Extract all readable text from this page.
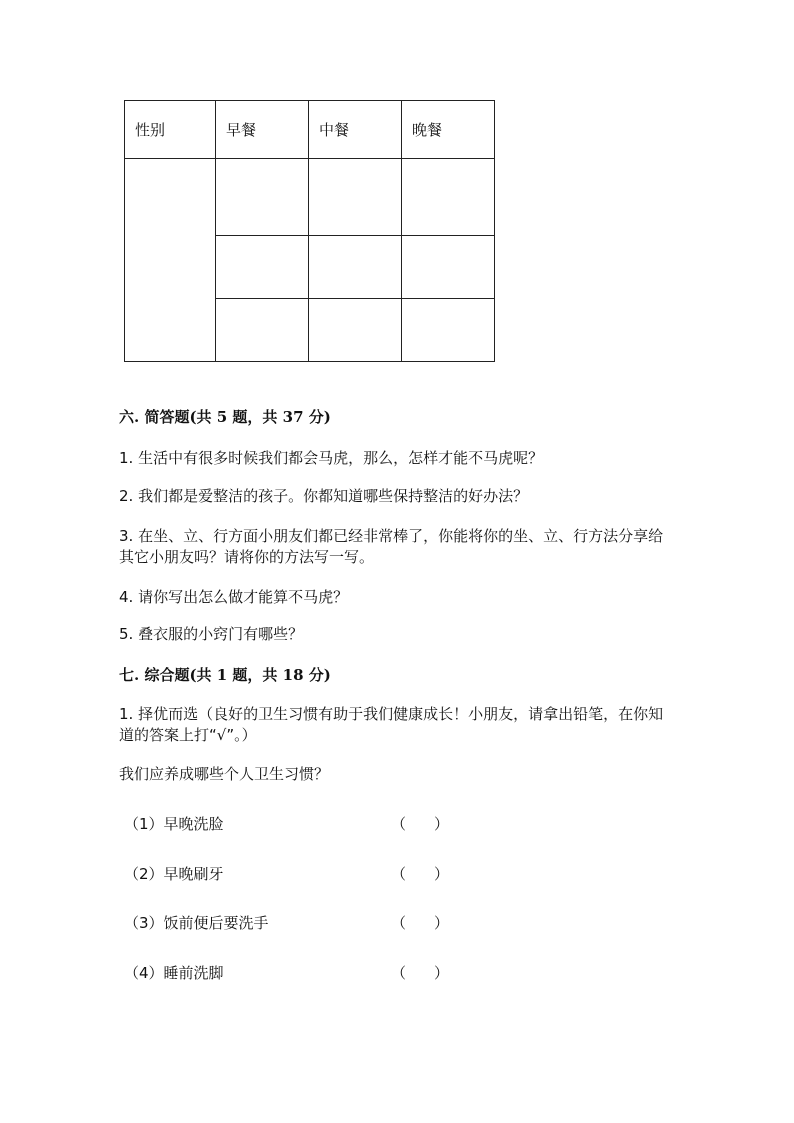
性别	早餐	中餐	晚餐

六. 简答题(共 5 题，共 37 分)

1. 生活中有很多时候我们都会马虎，那么，怎样才能不马虎呢？

2. 我们都是爱整洁的孩子。你都知道哪些保持整洁的好办法？

3. 在坐、立、行方面小朋友们都已经非常棒了，你能将你的坐、立、行方法分享给其它小朋友吗？请将你的方法写一写。

4. 请你写出怎么做才能算不马虎？

5. 叠衣服的小窍门有哪些？

七. 综合题(共 1 题，共 18 分)

1. 择优而选（良好的卫生习惯有助于我们健康成长！小朋友，请拿出铅笔，在你知道的答案上打“√”。）

我们应养成哪些个人卫生习惯？

（1）早晚洗脸	（ ）
（2）早晚刷牙	（ ）
（3）饭前便后要洗手	（ ）
（4）睡前洗脚	（ ）
